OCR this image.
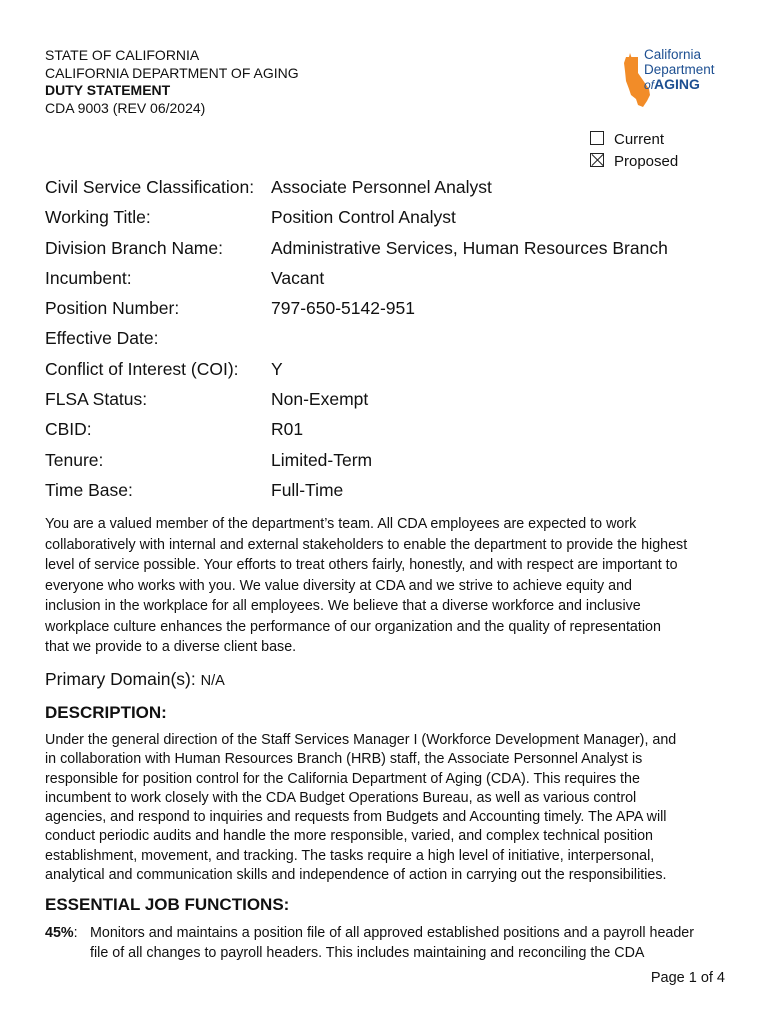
STATE OF CALIFORNIA
CALIFORNIA DEPARTMENT OF AGING
DUTY STATEMENT
CDA 9003 (REV 06/2024)
California
Department
ofAGING
Current
Proposed
Civil Service Classification: Associate Personnel Analyst
Working Title:	Position Control Analyst
Division Branch Name:	Administrative Services, Human Resources Branch
Incumbent:	Vacant
Position Number:	797-650-5142-951
Effective Date:
Conflict of Interest (COI): Y
FLSA Status:	Non-Exempt
CBID:	R01
Tenure:	Limited-Term
Time Base:	Full-Time
You are a valued member of the department’s team. All CDA employees are expected to work
collaboratively with internal and external stakeholders to enable the department to provide the highest
level of service possible. Your efforts to treat others fairly, honestly, and with respect are important to
everyone who works with you. We value diversity at CDA and we strive to achieve equity and
inclusion in the workplace for all employees. We believe that a diverse workforce and inclusive
workplace culture enhances the performance of our organization and the quality of representation
that we provide to a diverse client base.
Primary Domain(s): N/A
DESCRIPTION:
Under the general direction of the Staff Services Manager I (Workforce Development Manager), and
in collaboration with Human Resources Branch (HRB) staff, the Associate Personnel Analyst is
responsible for position control for the California Department of Aging (CDA). This requires the
incumbent to work closely with the CDA Budget Operations Bureau, as well as various control
agencies, and respond to inquiries and requests from Budgets and Accounting timely. The APA will
conduct periodic audits and handle the more responsible, varied, and complex technical position
establishment, movement, and tracking. The tasks require a high level of initiative, interpersonal,
analytical and communication skills and independence of action in carrying out the responsibilities.
ESSENTIAL JOB FUNCTIONS:
45%: Monitors and maintains a position file of all approved established positions and a payroll header
file of all changes to payroll headers. This includes maintaining and reconciling the CDA
Page 1 of 4
